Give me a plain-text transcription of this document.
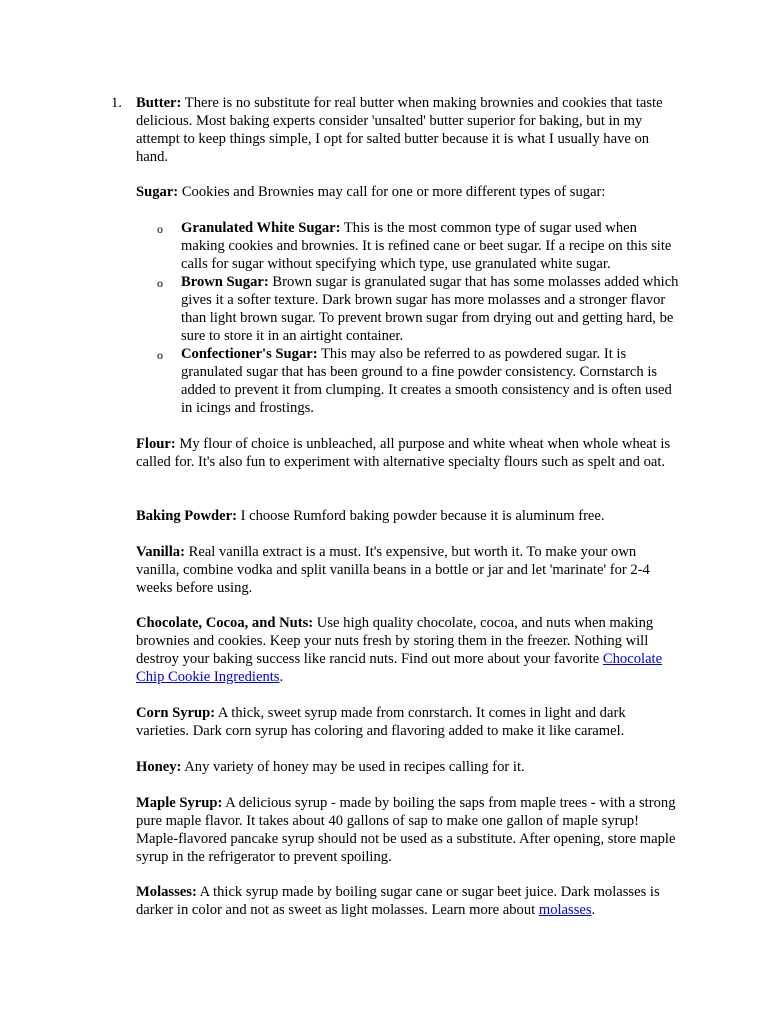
1. Butter: There is no substitute for real butter when making brownies and cookies that taste delicious. Most baking experts consider 'unsalted' butter superior for baking, but in my attempt to keep things simple, I opt for salted butter because it is what I usually have on hand.

Sugar: Cookies and Brownies may call for one or more different types of sugar:

o Granulated White Sugar: This is the most common type of sugar used when making cookies and brownies. It is refined cane or beet sugar. If a recipe on this site calls for sugar without specifying which type, use granulated white sugar.

o Brown Sugar: Brown sugar is granulated sugar that has some molasses added which gives it a softer texture. Dark brown sugar has more molasses and a stronger flavor than light brown sugar. To prevent brown sugar from drying out and getting hard, be sure to store it in an airtight container.

o Confectioner's Sugar: This may also be referred to as powdered sugar. It is granulated sugar that has been ground to a fine powder consistency. Cornstarch is added to prevent it from clumping. It creates a smooth consistency and is often used in icings and frostings.

Flour: My flour of choice is unbleached, all purpose and white wheat when whole wheat is called for. It's also fun to experiment with alternative specialty flours such as spelt and oat.

Baking Powder: I choose Rumford baking powder because it is aluminum free.

Vanilla: Real vanilla extract is a must. It's expensive, but worth it. To make your own vanilla, combine vodka and split vanilla beans in a bottle or jar and let 'marinate' for 2-4 weeks before using.

Chocolate, Cocoa, and Nuts: Use high quality chocolate, cocoa, and nuts when making brownies and cookies. Keep your nuts fresh by storing them in the freezer. Nothing will destroy your baking success like rancid nuts. Find out more about your favorite Chocolate Chip Cookie Ingredients.

Corn Syrup: A thick, sweet syrup made from conrstarch. It comes in light and dark varieties. Dark corn syrup has coloring and flavoring added to make it like caramel.

Honey: Any variety of honey may be used in recipes calling for it.

Maple Syrup: A delicious syrup - made by boiling the saps from maple trees - with a strong pure maple flavor. It takes about 40 gallons of sap to make one gallon of maple syrup! Maple-flavored pancake syrup should not be used as a substitute. After opening, store maple syrup in the refrigerator to prevent spoiling.

Molasses: A thick syrup made by boiling sugar cane or sugar beet juice. Dark molasses is darker in color and not as sweet as light molasses. Learn more about molasses.
